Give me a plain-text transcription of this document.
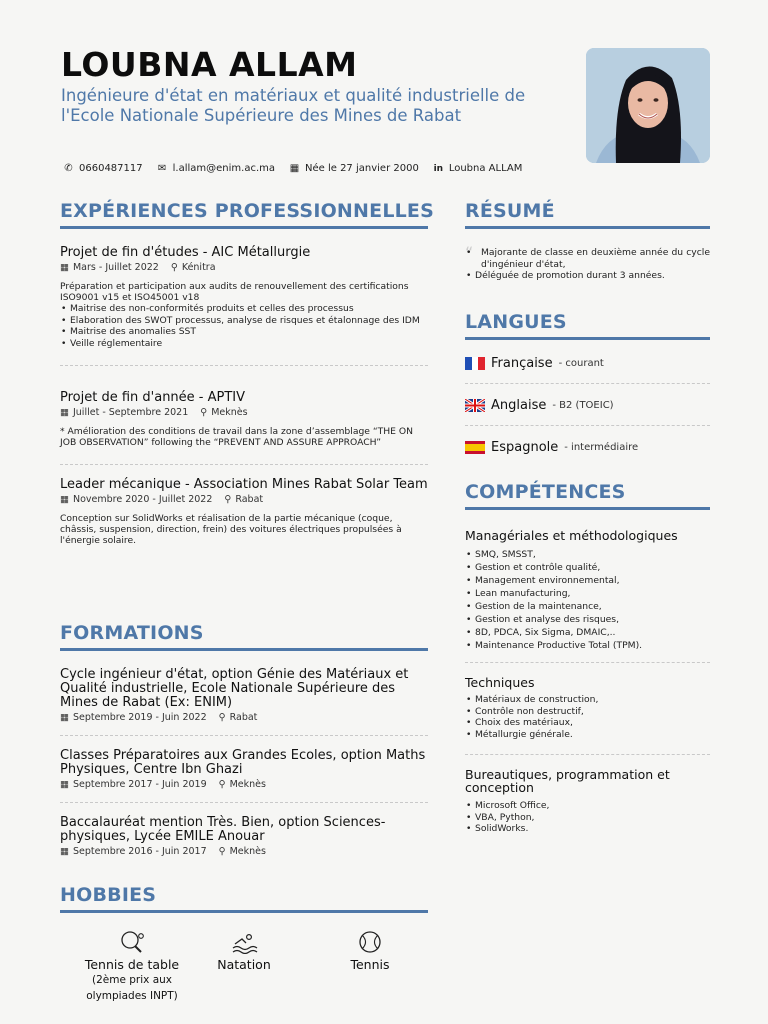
LOUBNA ALLAM
Ingénieure d'état en matériaux et qualité industrielle de l'Ecole Nationale Supérieure des Mines de Rabat
✆ 0660487117 ✉ l.allam@enim.ac.ma ▦ Née le 27 janvier 2000 in Loubna ALLAM
EXPÉRIENCES PROFESSIONNELLES
Projet de fin d'études - AIC Métallurgie
▦ Mars - Juillet 2022 ⚲ Kénitra
Préparation et participation aux audits de renouvellement des certifications ISO9001 v15 et ISO45001 v18
• Maitrise des non-conformités produits et celles des processus
• Elaboration des SWOT processus, analyse de risques et étalonnage des IDM
• Maitrise des anomalies SST
• Veille réglementaire
Projet de fin d'année - APTIV
▦ Juillet - Septembre 2021 ⚲ Meknès
* Amélioration des conditions de travail dans la zone d’assemblage “THE ON JOB OBSERVATION” following the “PREVENT AND ASSURE APPROACH”
Leader mécanique - Association Mines Rabat Solar Team
▦ Novembre 2020 - Juillet 2022 ⚲ Rabat
Conception sur SolidWorks et réalisation de la partie mécanique (coque, châssis, suspension, direction, frein) des voitures électriques propulsées à l'énergie solaire.
FORMATIONS
Cycle ingénieur d'état, option Génie des Matériaux et Qualité industrielle, Ecole Nationale Supérieure des Mines de Rabat (Ex: ENIM)
▦ Septembre 2019 - Juin 2022 ⚲ Rabat
Classes Préparatoires aux Grandes Ecoles, option Maths Physiques, Centre Ibn Ghazi
▦ Septembre 2017 - Juin 2019 ⚲ Meknès
Baccalauréat mention Très. Bien, option Sciences-physiques, Lycée EMILE Anouar
▦ Septembre 2016 - Juin 2017 ⚲ Meknès
HOBBIES
Tennis de table
(2ème prix aux olympiades INPT)
Natation	Tennis
RÉSUMÉ
“
• Majorante de classe en deuxième année du cycle d'ingénieur d'état,
• Déléguée de promotion durant 3 années.
LANGUES
Française - courant
Anglaise - B2 (TOEIC)
Espagnole - intermédiaire
COMPÉTENCES
Managériales et méthodologiques
• SMQ, SMSST,
• Gestion et contrôle qualité,
• Management environnemental,
• Lean manufacturing,
• Gestion de la maintenance,
• Gestion et analyse des risques,
• 8D, PDCA, Six Sigma, DMAIC,..
• Maintenance Productive Total (TPM).
Techniques
• Matériaux de construction,
• Contrôle non destructif,
• Choix des matériaux,
• Métallurgie générale.
Bureautiques, programmation et conception
• Microsoft Office,
• VBA, Python,
• SolidWorks.
